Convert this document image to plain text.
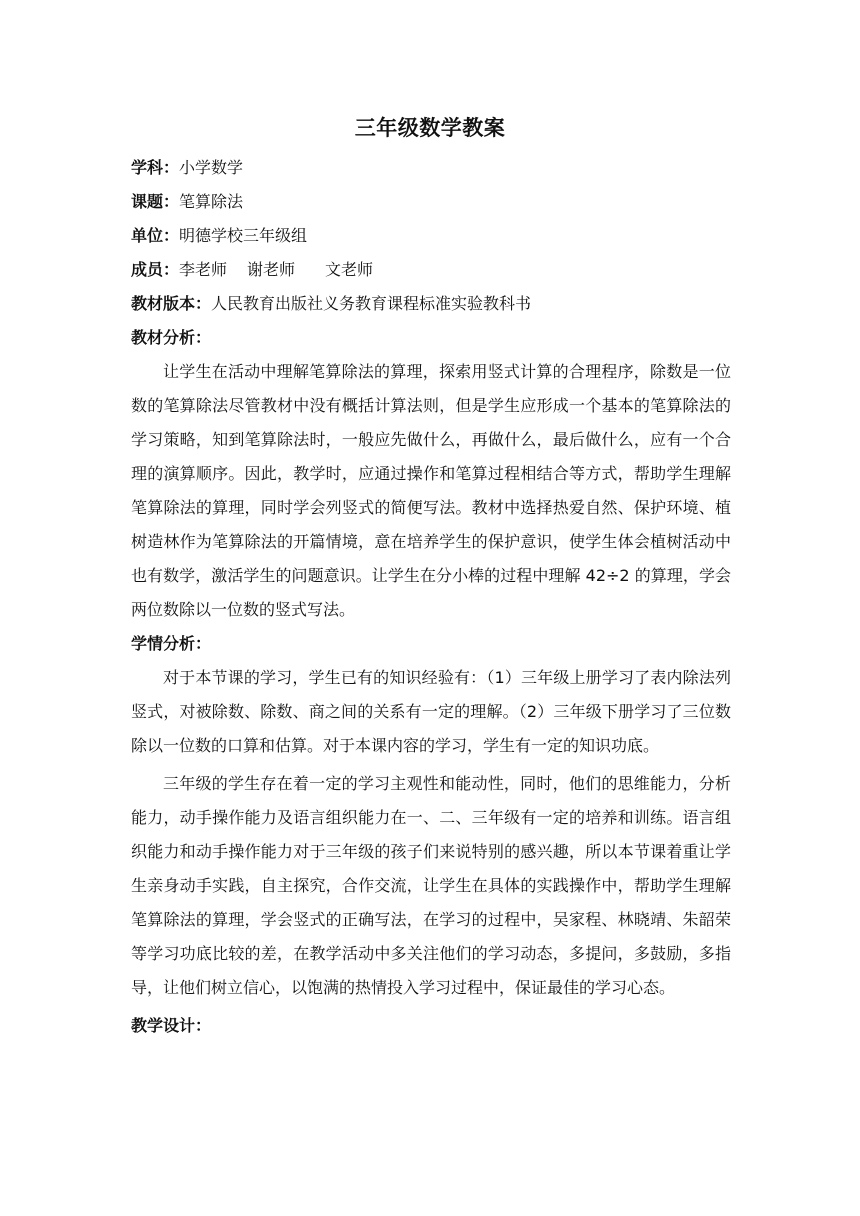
三年级数学教案

学科：小学数学

课题：笔算除法

单位：明德学校三年级组

成员：李老师 谢老师 文老师

教材版本：人民教育出版社义务教育课程标准实验教科书

教材分析：

让学生在活动中理解笔算除法的算理，探索用竖式计算的合理程序，除数是一位数的笔算除法尽管教材中没有概括计算法则，但是学生应形成一个基本的笔算除法的学习策略，知到笔算除法时，一般应先做什么，再做什么，最后做什么，应有一个合理的演算顺序。因此，教学时，应通过操作和笔算过程相结合等方式，帮助学生理解笔算除法的算理，同时学会列竖式的简便写法。教材中选择热爱自然、保护环境、植树造林作为笔算除法的开篇情境，意在培养学生的保护意识，使学生体会植树活动中也有数学，激活学生的问题意识。让学生在分小棒的过程中理解 42÷2 的算理，学会两位数除以一位数的竖式写法。

学情分析：

对于本节课的学习，学生已有的知识经验有：（1）三年级上册学习了表内除法列竖式，对被除数、除数、商之间的关系有一定的理解。（2）三年级下册学习了三位数除以一位数的口算和估算。对于本课内容的学习，学生有一定的知识功底。

三年级的学生存在着一定的学习主观性和能动性，同时，他们的思维能力，分析能力，动手操作能力及语言组织能力在一、二、三年级有一定的培养和训练。语言组织能力和动手操作能力对于三年级的孩子们来说特别的感兴趣，所以本节课着重让学生亲身动手实践，自主探究，合作交流，让学生在具体的实践操作中，帮助学生理解笔算除法的算理，学会竖式的正确写法，在学习的过程中，吴家程、林晓靖、朱韶荣等学习功底比较的差，在教学活动中多关注他们的学习动态，多提问，多鼓励，多指导，让他们树立信心，以饱满的热情投入学习过程中，保证最佳的学习心态。

教学设计：
